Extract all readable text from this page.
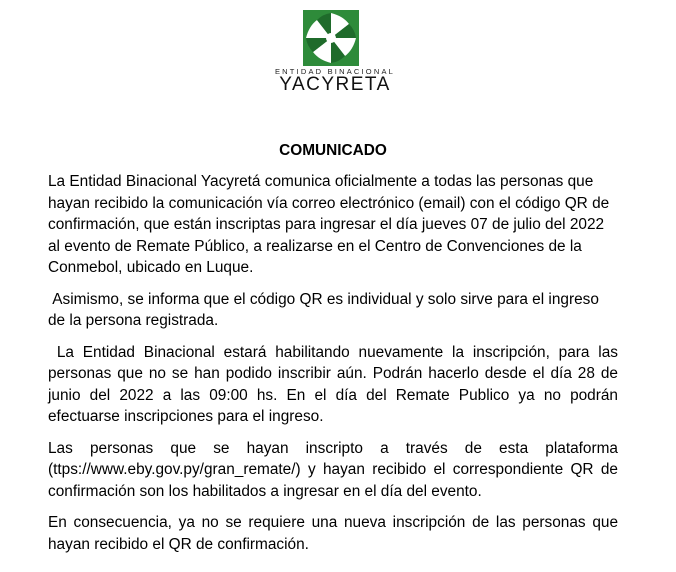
ENTIDAD BINACIONAL
YACYRETA
COMUNICADO

La Entidad Binacional Yacyretá comunica oficialmente a todas las personas que hayan recibido la comunicación vía correo electrónico (email) con el código QR de confirmación, que están inscriptas para ingresar el día jueves 07 de julio del 2022 al evento de Remate Público, a realizarse en el Centro de Convenciones de la Conmebol, ubicado en Luque.

Asimismo, se informa que el código QR es individual y solo sirve para el ingreso de la persona registrada.

La Entidad Binacional estará habilitando nuevamente la inscripción, para las personas que no se han podido inscribir aún. Podrán hacerlo desde el día 28 de junio del 2022 a las 09:00 hs. En el día del Remate Publico ya no podrán efectuarse inscripciones para el ingreso.

Las personas que se hayan inscripto a través de esta plataforma (ttps://www.eby.gov.py/gran_remate/) y hayan recibido el correspondiente QR de confirmación son los habilitados a ingresar en el día del evento.

En consecuencia, ya no se requiere una nueva inscripción de las personas que hayan recibido el QR de confirmación.
